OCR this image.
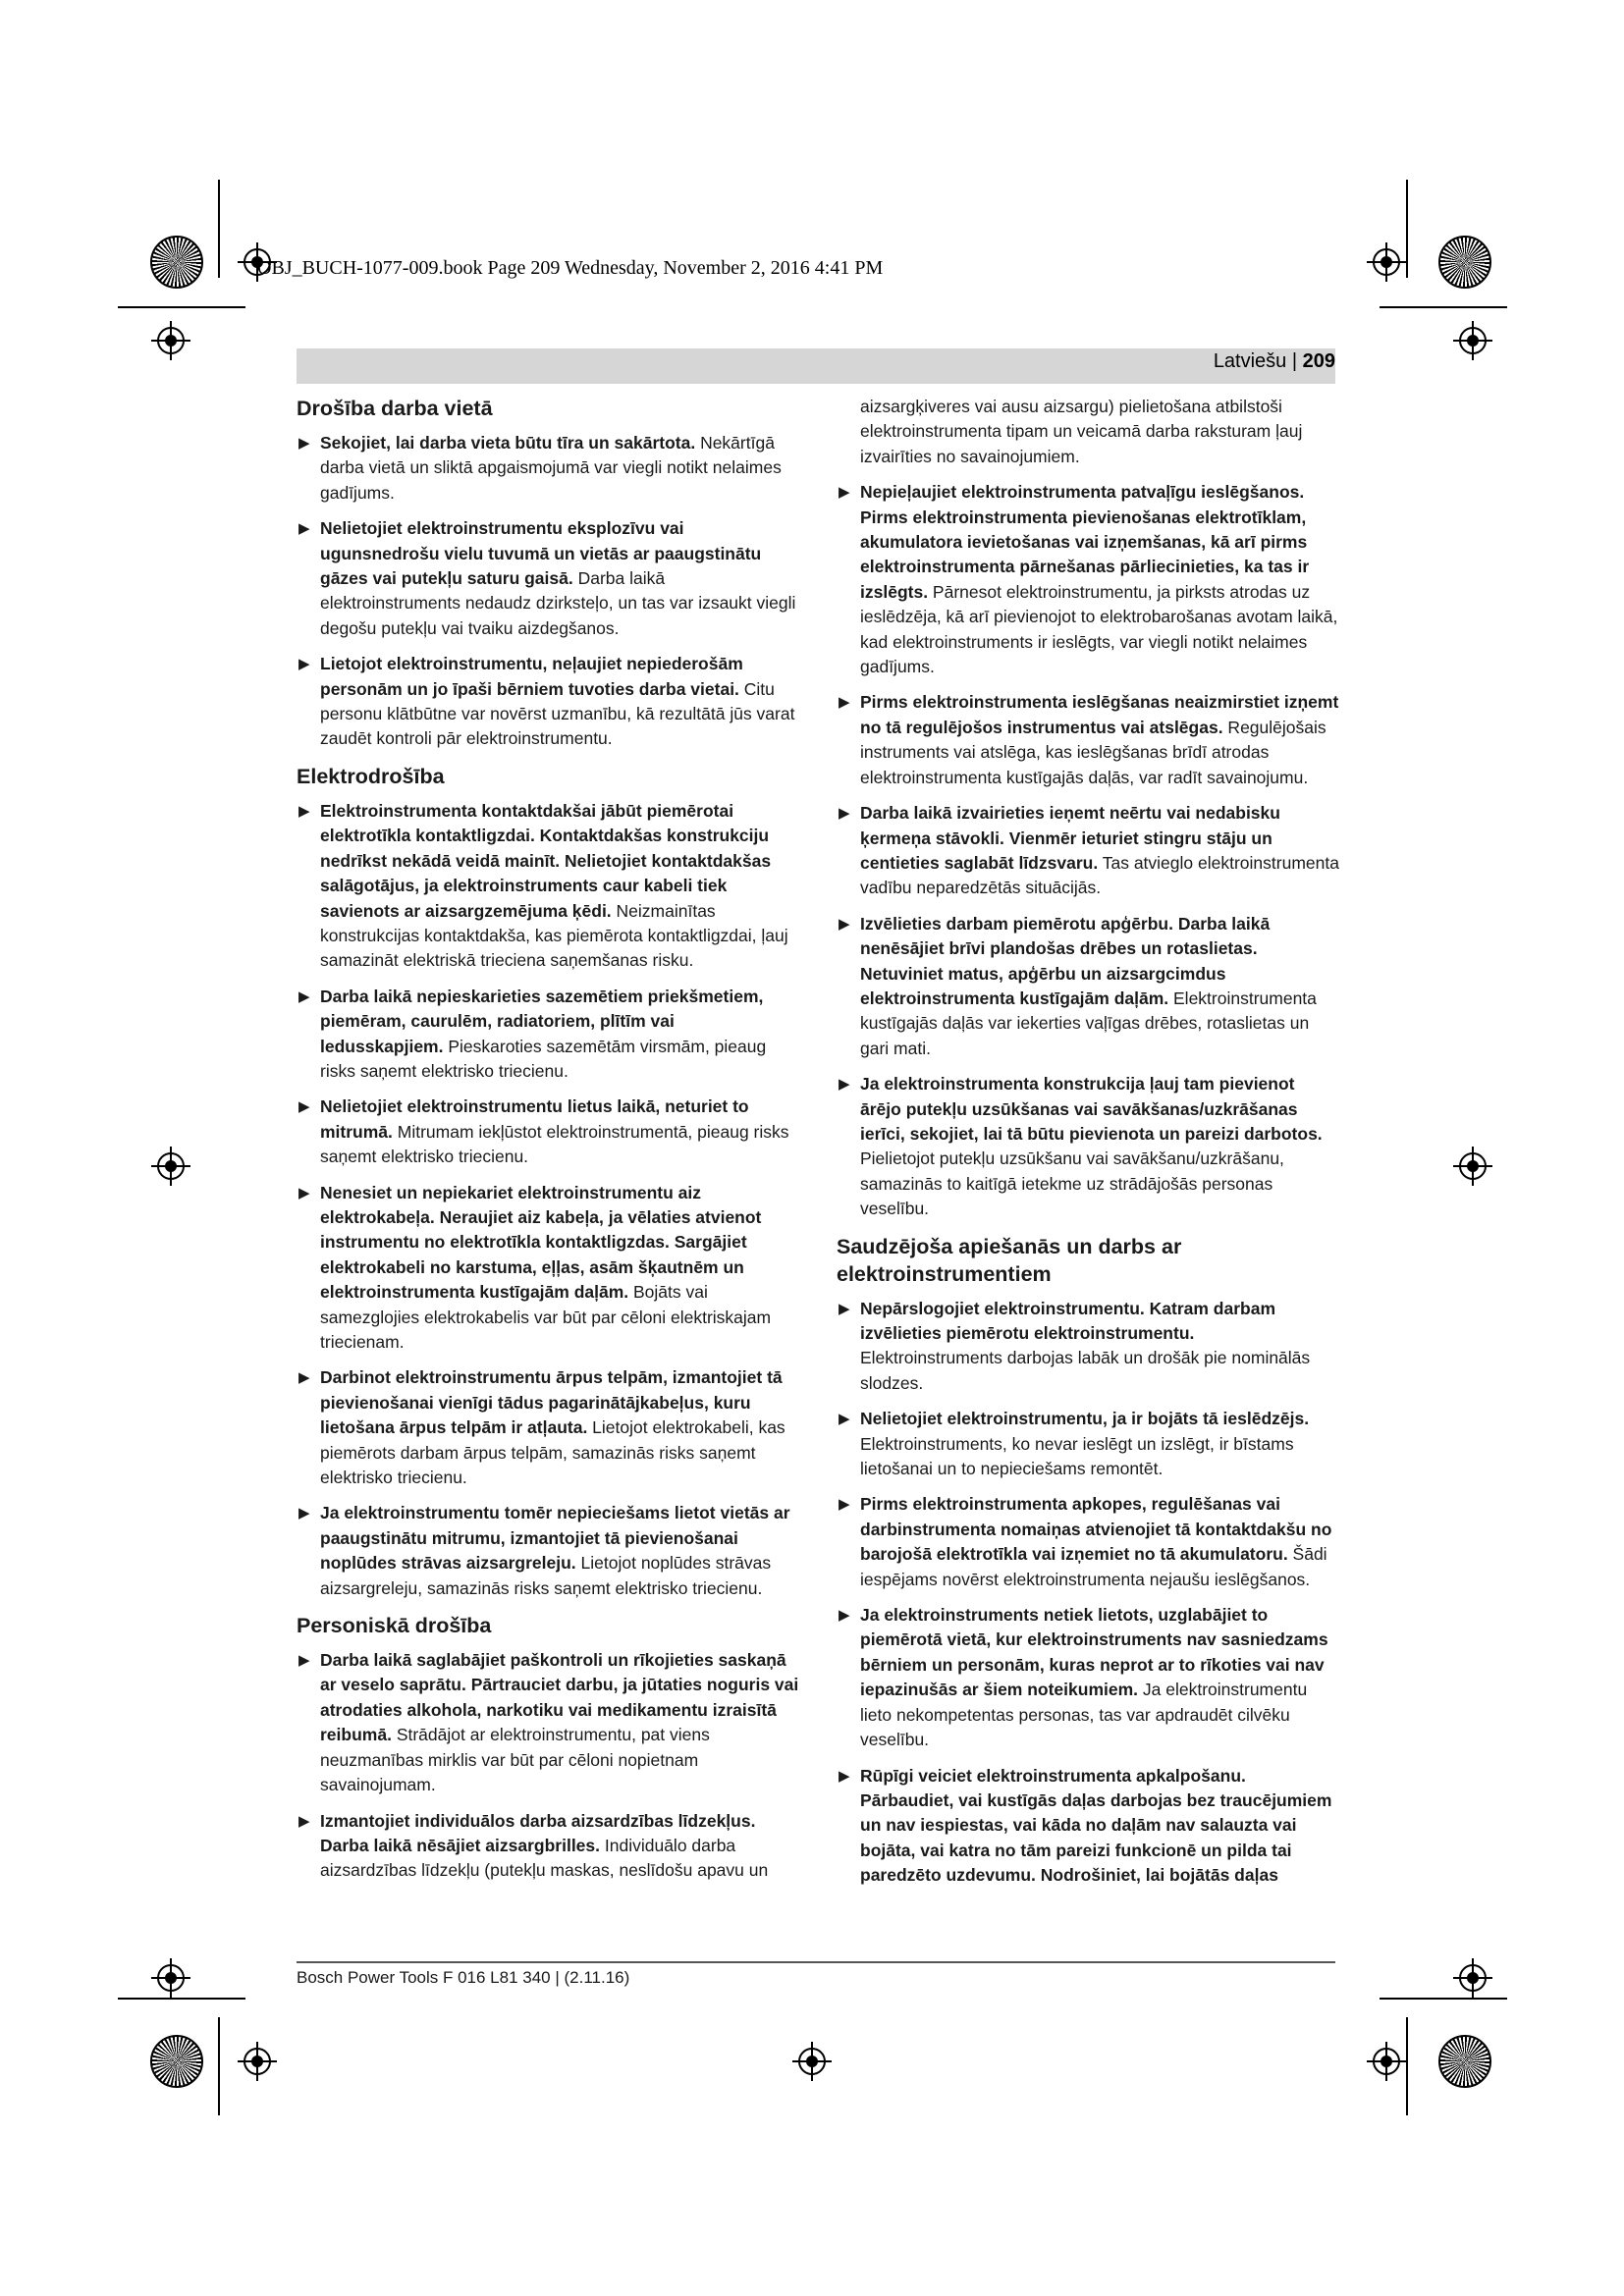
OBJ_BUCH-1077-009.book Page 209 Wednesday, November 2, 2016 4:41 PM
Latviešu | 209
Drošība darba vietā
▶ Sekojiet, lai darba vieta būtu tīra un sakārtota. Nekārtīgā darba vietā un sliktā apgaismojumā var viegli notikt nelaimes gadījums.
▶ Nelietojiet elektroinstrumentu eksplozīvu vai ugunsnedrošu vielu tuvumā un vietās ar paaugstinātu gāzes vai putekļu saturu gaisā. Darba laikā elektroinstruments nedaudz dzirksteļo, un tas var izsaukt viegli degošu putekļu vai tvaiku aizdegšanos.
▶ Lietojot elektroinstrumentu, neļaujiet nepiederošām personām un jo īpaši bērniem tuvoties darba vietai. Citu personu klātbūtne var novērst uzmanību, kā rezultātā jūs varat zaudēt kontroli pār elektroinstrumentu.
Elektrodrošība
▶ Elektroinstrumenta kontaktdakšai jābūt piemērotai elektrotīkla kontaktligzdai. Kontaktdakšas konstrukciju nedrīkst nekādā veidā mainīt. Nelietojiet kontaktdakšas salāgotājus, ja elektroinstruments caur kabeli tiek savienots ar aizsargzemējuma ķēdi. Neizmainītas konstrukcijas kontaktdakša, kas piemērota kontaktligzdai, ļauj samazināt elektriskā trieciena saņemšanas risku.
▶ Darba laikā nepieskarieties sazemētiem priekšmetiem, piemēram, caurulēm, radiatoriem, plītīm vai ledusskapjiem. Pieskaroties sazemētām virsmām, pieaug risks saņemt elektrisko triecienu.
▶ Nelietojiet elektroinstrumentu lietus laikā, neturiet to mitrumā. Mitrumam iekļūstot elektroinstrumentā, pieaug risks saņemt elektrisko triecienu.
▶ Nenesiet un nepiekariet elektroinstrumentu aiz elektrokabeļa. Neraujiet aiz kabeļa, ja vēlaties atvienot instrumentu no elektrotīkla kontaktligzdas. Sargājiet elektrokabeli no karstuma, eļļas, asām šķautnēm un elektroinstrumenta kustīgajām daļām. Bojāts vai samezglojies elektrokabelis var būt par cēloni elektriskajam triecienam.
▶ Darbinot elektroinstrumentu ārpus telpām, izmantojiet tā pievienošanai vienīgi tādus pagarinātājkabeļus, kuru lietošana ārpus telpām ir atļauta. Lietojot elektrokabeli, kas piemērots darbam ārpus telpām, samazinās risks saņemt elektrisko triecienu.
▶ Ja elektroinstrumentu tomēr nepieciešams lietot vietās ar paaugstinātu mitrumu, izmantojiet tā pievienošanai noplūdes strāvas aizsargreleju. Lietojot noplūdes strāvas aizsargreleju, samazinās risks saņemt elektrisko triecienu.
Personiskā drošība
▶ Darba laikā saglabājiet paškontroli un rīkojieties saskaņā ar veselo saprātu. Pārtrauciet darbu, ja jūtaties noguris vai atrodaties alkohola, narkotiku vai medikamentu izraisītā reibumā. Strādājot ar elektroinstrumentu, pat viens neuzmanības mirklis var būt par cēloni nopietnam savainojumam.
▶ Izmantojiet individuālos darba aizsardzības līdzekļus. Darba laikā nēsājiet aizsargbrilles. Individuālo darba aizsardzības līdzekļu (putekļu maskas, neslīdošu apavu un
aizsargķiveres vai ausu aizsargu) pielietošana atbilstoši elektroinstrumenta tipam un veicamā darba raksturam ļauj izvairīties no savainojumiem.
▶ Nepieļaujiet elektroinstrumenta patvaļīgu ieslēgšanos. Pirms elektroinstrumenta pievienošanas elektrotīklam, akumulatora ievietošanas vai izņemšanas, kā arī pirms elektroinstrumenta pārnešanas pārliecinieties, ka tas ir izslēgts. Pārnesot elektroinstrumentu, ja pirksts atrodas uz ieslēdzēja, kā arī pievienojot to elektrobarošanas avotam laikā, kad elektroinstruments ir ieslēgts, var viegli notikt nelaimes gadījums.
▶ Pirms elektroinstrumenta ieslēgšanas neaizmirstiet izņemt no tā regulējošos instrumentus vai atslēgas. Regulējošais instruments vai atslēga, kas ieslēgšanas brīdī atrodas elektroinstrumenta kustīgajās daļās, var radīt savainojumu.
▶ Darba laikā izvairieties ieņemt neērtu vai nedabisku ķermeņa stāvokli. Vienmēr ieturiet stingru stāju un centieties saglabāt līdzsvaru. Tas atvieglo elektroinstrumenta vadību neparedzētās situācijās.
▶ Izvēlieties darbam piemērotu apģērbu. Darba laikā nenēsājiet brīvi plandošas drēbes un rotaslietas. Netuviniet matus, apģērbu un aizsargcimdus elektroinstrumenta kustīgajām daļām. Elektroinstrumenta kustīgajās daļās var iekerties vaļīgas drēbes, rotaslietas un gari mati.
▶ Ja elektroinstrumenta konstrukcija ļauj tam pievienot ārējo putekļu uzsūkšanas vai savākšanas/uzkrāšanas ierīci, sekojiet, lai tā būtu pievienota un pareizi darbotos. Pielietojot putekļu uzsūkšanu vai savākšanu/uzkrāšanu, samazinās to kaitīgā ietekme uz strādājošās personas veselību.
Saudzējoša apiešanās un darbs ar elektroinstrumentiem
▶ Nepārslogojiet elektroinstrumentu. Katram darbam izvēlieties piemērotu elektroinstrumentu. Elektroinstruments darbojas labāk un drošāk pie nominālās slodzes.
▶ Nelietojiet elektroinstrumentu, ja ir bojāts tā ieslēdzējs. Elektroinstruments, ko nevar ieslēgt un izslēgt, ir bīstams lietošanai un to nepieciešams remontēt.
▶ Pirms elektroinstrumenta apkopes, regulēšanas vai darbinstrumenta nomaiņas atvienojiet tā kontaktdakšu no barojošā elektrotīkla vai izņemiet no tā akumulatoru. Šādi iespējams novērst elektroinstrumenta nejaušu ieslēgšanos.
▶ Ja elektroinstruments netiek lietots, uzglabājiet to piemērotā vietā, kur elektroinstruments nav sasniedzams bērniem un personām, kuras neprot ar to rīkoties vai nav iepazinušās ar šiem noteikumiem. Ja elektroinstrumentu lieto nekompetentas personas, tas var apdraudēt cilvēku veselību.
▶ Rūpīgi veiciet elektroinstrumenta apkalpošanu. Pārbaudiet, vai kustīgās daļas darbojas bez traucējumiem un nav iespiestas, vai kāda no daļām nav salauzta vai bojāta, vai katra no tām pareizi funkcionē un pilda tai paredzēto uzdevumu. Nodrošiniet, lai bojātās daļas
Bosch Power Tools F 016 L81 340 | (2.11.16)
